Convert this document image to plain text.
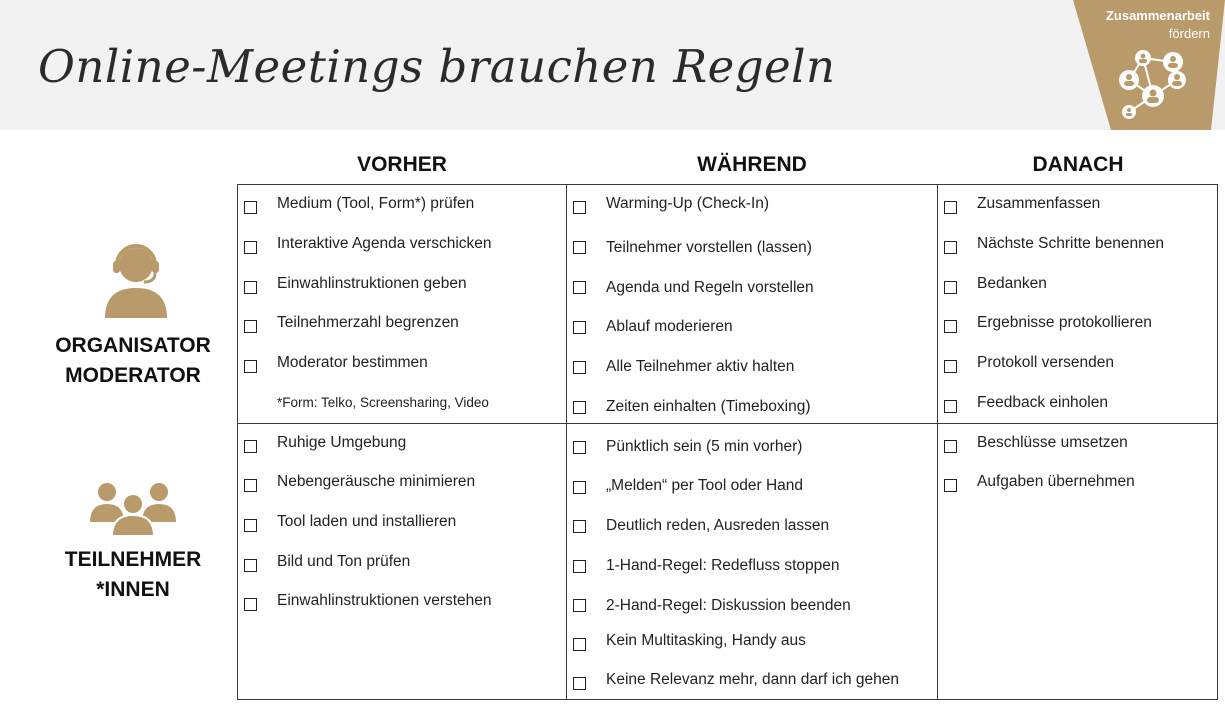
Online-Meetings brauchen Regeln
Zusammenarbeit
fördern
VORHER	WÄHREND	DANACH
ORGANISATOR
MODERATOR
TEILNEHMER
*INNEN
Medium (Tool, Form*) prüfen
Interaktive Agenda verschicken
Einwahlinstruktionen geben
Teilnehmerzahl begrenzen
Moderator bestimmen
*Form: Telko, Screensharing, Video
Warming-Up (Check-In)
Teilnehmer vorstellen (lassen)
Agenda und Regeln vorstellen
Ablauf moderieren
Alle Teilnehmer aktiv halten
Zeiten einhalten (Timeboxing)
Zusammenfassen
Nächste Schritte benennen
Bedanken
Ergebnisse protokollieren
Protokoll versenden
Feedback einholen
Ruhige Umgebung
Nebengeräusche minimieren
Tool laden und installieren
Bild und Ton prüfen
Einwahlinstruktionen verstehen
Pünktlich sein (5 min vorher)
„Melden“ per Tool oder Hand
Deutlich reden, Ausreden lassen
1-Hand-Regel: Redefluss stoppen
2-Hand-Regel: Diskussion beenden
Kein Multitasking, Handy aus
Keine Relevanz mehr, dann darf ich gehen
Beschlüsse umsetzen
Aufgaben übernehmen
